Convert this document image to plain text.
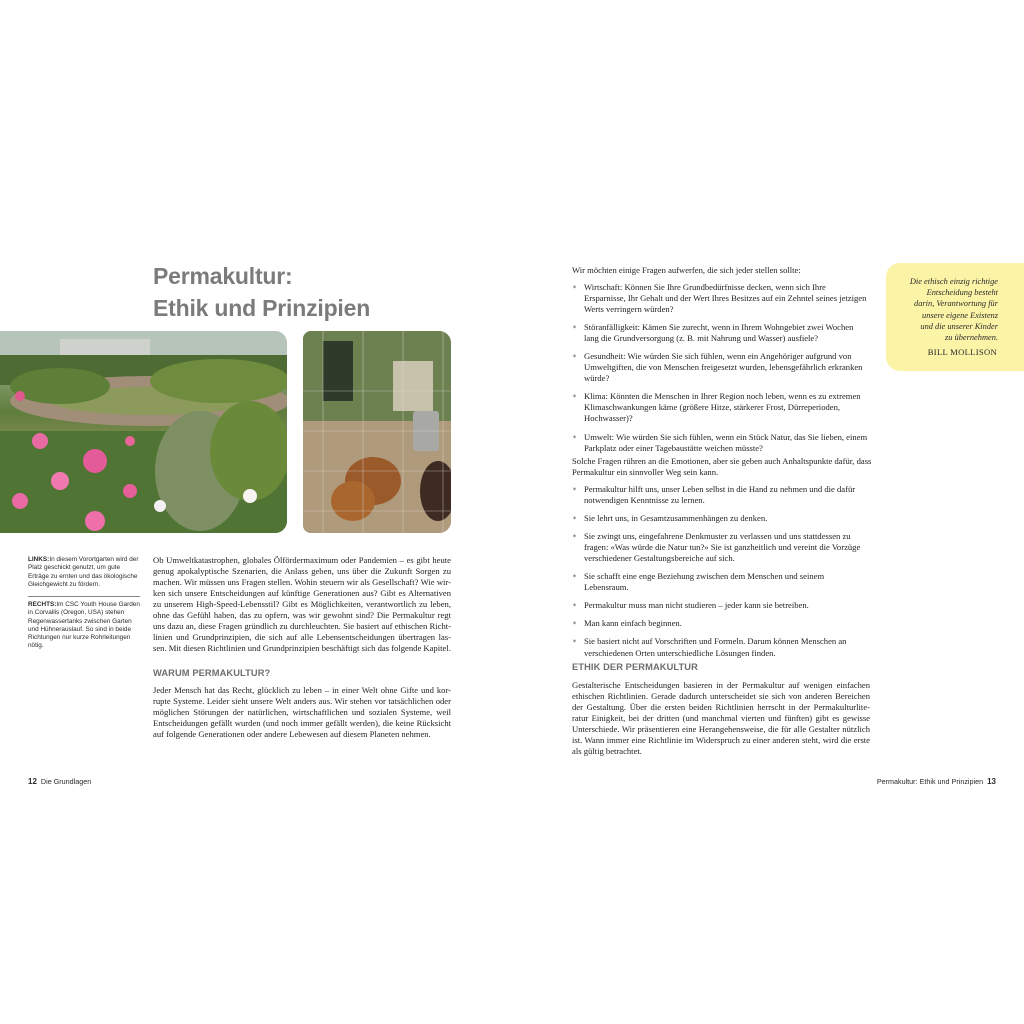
Permakultur:
Ethik und Prinzipien
LINKS:In diesem Vorortgarten wird der Platz geschickt genutzt, um gute Erträge zu ernten und das ökologische Gleichgewicht zu fördern.
RECHTS:Im CSC Youth House Garden in Corvallis (Oregon, USA) stehen Regenwassertanks zwischen Garten und Hühnerauslauf. So sind in beide Richtungen nur kurze Rohrleitungen nötig.
Ob Umweltkatastrophen, globales Ölfördermaximum oder Pandemien – es gibt heute
genug apokalyptische Szenarien, die Anlass geben, uns über die Zukunft Sorgen zu
machen. Wir müssen uns Fragen stellen. Wohin steuern wir als Gesellschaft? Wie wir-
ken sich unsere Entscheidungen auf künftige Generationen aus? Gibt es Alternativen
zu unserem High-Speed-Lebensstil? Gibt es Möglichkeiten, verantwortlich zu leben,
ohne das Gefühl haben, das zu opfern, was wir gewohnt sind? Die Permakultur regt
uns dazu an, diese Fragen gründlich zu durchleuchten. Sie basiert auf ethischen Richt-
linien und Grundprinzipien, die sich auf alle Lebensentscheidungen übertragen las-
sen. Mit diesen Richtlinien und Grundprinzipien beschäftigt sich das folgende Kapitel.
WARUM PERMAKULTUR?
Jeder Mensch hat das Recht, glücklich zu leben – in einer Welt ohne Gifte und kor-
rupte Systeme. Leider sieht unsere Welt anders aus. Wir stehen vor tatsächlichen oder
möglichen Störungen der natürlichen, wirtschaftlichen und sozialen Systeme, weil
Entscheidungen gefällt wurden (und noch immer gefällt werden), die keine Rücksicht
auf folgende Generationen oder andere Lebewesen auf diesem Planeten nehmen.
12 Die Grundlagen
Wir möchten einige Fragen aufwerfen, die sich jeder stellen sollte:
✶ Wirtschaft: Können Sie Ihre Grundbedürfnisse decken, wenn sich Ihre Ersparnisse, Ihr Gehalt und der Wert Ihres Besitzes auf ein Zehntel seines jetzigen Werts verringern würden?
✶ Störanfälligkeit: Kämen Sie zurecht, wenn in Ihrem Wohngebiet zwei Wochen lang die Grundversorgung (z. B. mit Nahrung und Wasser) ausfiele?
✶ Gesundheit: Wie würden Sie sich fühlen, wenn ein Angehöriger aufgrund von Umweltgiften, die von Menschen freigesetzt wurden, lebensgefährlich erkranken würde?
✶ Klima: Könnten die Menschen in Ihrer Region noch leben, wenn es zu extremen Klimaschwankungen käme (größere Hitze, stärkerer Frost, Dürreperioden, Hochwasser)?
✶ Umwelt: Wie würden Sie sich fühlen, wenn ein Stück Natur, das Sie lieben, einem Parkplatz oder einer Tagebaustätte weichen müsste?
Solche Fragen rühren an die Emotionen, aber sie geben auch Anhaltspunkte dafür, dass Permakultur ein sinnvoller Weg sein kann.
✶ Permakultur hilft uns, unser Leben selbst in die Hand zu nehmen und die dafür notwendigen Kenntnisse zu lernen.
✶ Sie lehrt uns, in Gesamtzusammenhängen zu denken.
✶ Sie zwingt uns, eingefahrene Denkmuster zu verlassen und uns stattdessen zu fragen: «Was würde die Natur tun?» Sie ist ganzheitlich und vereint die Vorzüge verschiedener Gestaltungsbereiche auf sich.
✶ Sie schafft eine enge Beziehung zwischen dem Menschen und seinem Lebensraum.
✶ Permakultur muss man nicht studieren – jeder kann sie betreiben.
✶ Man kann einfach beginnen.
✶ Sie basiert nicht auf Vorschriften und Formeln. Darum können Menschen an verschiedenen Orten unterschiedliche Lösungen finden.
ETHIK DER PERMAKULTUR
Gestalterische Entscheidungen basieren in der Permakultur auf wenigen einfachen
ethischen Richtlinien. Gerade dadurch unterscheidet sie sich von anderen Bereichen
der Gestaltung. Über die ersten beiden Richtlinien herrscht in der Permakulturlite-
ratur Einigkeit, bei der dritten (und manchmal vierten und fünften) gibt es gewisse
Unterschiede. Wir präsentieren eine Herangehensweise, die für alle Gestalter nützlich
ist. Wann immer eine Richtlinie im Widerspruch zu einer anderen steht, wird die erste
als gültig betrachtet.
Die ethisch einzig richtige
Entscheidung besteht
darin, Verantwortung für
unsere eigene Existenz
und die unserer Kinder
zu übernehmen.
BILL MOLLISON
Permakultur: Ethik und Prinzipien 13
